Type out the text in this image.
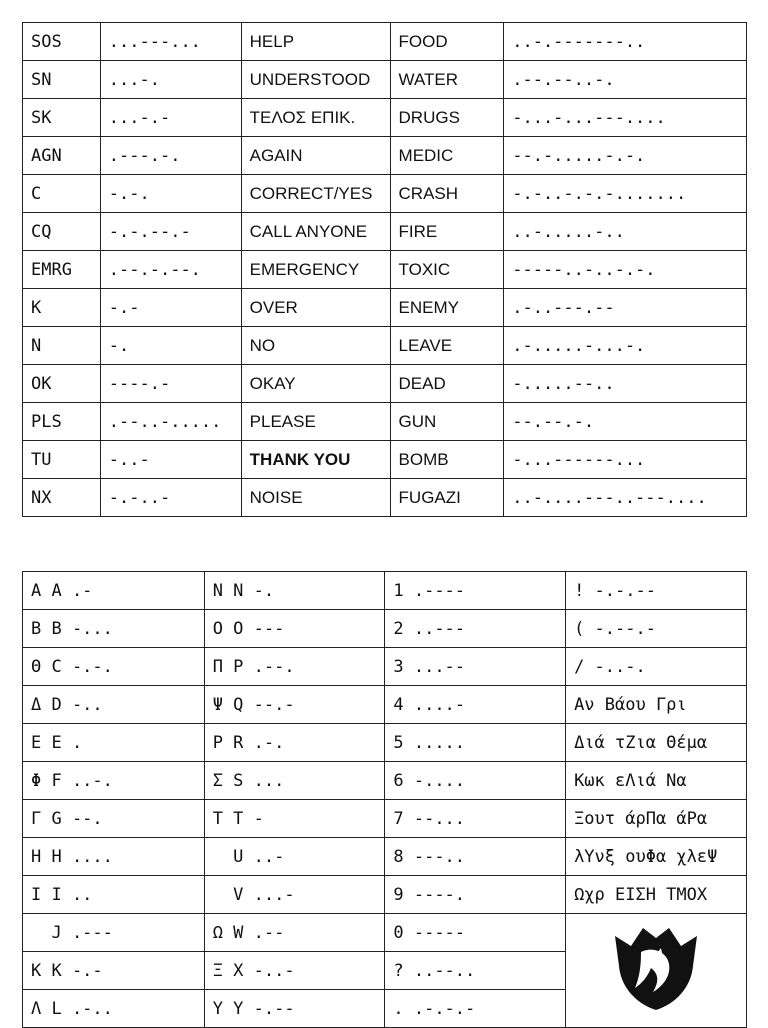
SOS	...---...	HELP	FOOD	..-.-------..
SN	...-.	UNDERSTOOD	WATER	.--.--..-.
SK	...-.-	ΤΕΛΟΣ ΕΠΙΚ.	DRUGS	-...-...---....
AGN	.---.-.	AGAIN	MEDIC	--.-.....-.-.
C	-.-.	CORRECT/YES	CRASH	-.-..-.-.-.......
CQ	-.-.--.-	CALL ANYONE	FIRE	..-.....-..
EMRG	.--.-.--.	EMERGENCY	TOXIC	-----..-..-.-.
K	-.-	OVER	ENEMY	.-..---.--
N	-.	NO	LEAVE	.-.....-...-.
OK	----.-	OKAY	DEAD	-.....--..
PLS	.--..-.....	PLEASE	GUN	--.--.-.
TU	-..-	THANK YOU	BOMB	-...------...
NX	-.-..-	NOISE	FUGAZI	..-....---..---....
Α A .-	Ν N -.	1 .----	! -.-.--
Β B -...	Ο O ---	2 ..---	( -.--.-
Θ C -.-.	Π P .--.	3 ...--	/ -..-.
Δ D -..	Ψ Q --.-	4 ....-	Αν Βάου Γρι
Ε E .	Ρ R .-.	5 .....	Διά τΖια Θέμα
Φ F ..-.	Σ S ...	6 -....	Κωκ εΛιά Να
Γ G --.	Τ T -	7 --...	Ξουτ άρΠα άΡα
Η H ....	U ..-	8 ---..	λΥνξ ουΦα χλεΨ
Ι I ..	V ...-	9 ----.	Ωχρ ΕΙΣΗ ΤΜΟΧ
J .---	Ω W .--	0 -----	
Κ K -.-	Ξ X -..-	? ..--..	
Λ L .-..	Υ Y -.--	. .-.-.-	
